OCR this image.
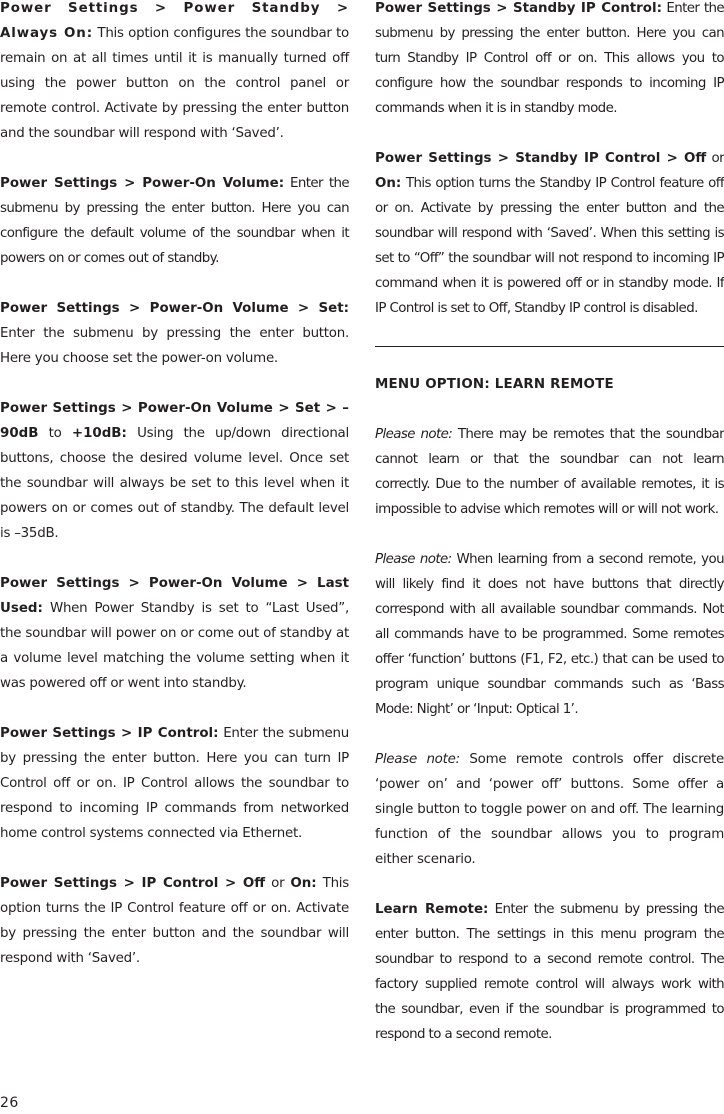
Power Settings > Power Standby > Always On: This option configures the soundbar to remain on at all times until it is manually turned off using the power button on the control panel or remote control. Activate by pressing the enter button and the soundbar will respond with ‘Saved’.

Power Settings > Power-On Volume: Enter the submenu by pressing the enter button. Here you can configure the default volume of the soundbar when it powers on or comes out of standby.

Power Settings > Power-On Volume > Set: Enter the submenu by pressing the enter button. Here you choose set the power-on volume.

Power Settings > Power-On Volume > Set > –90dB to +10dB: Using the up/down directional buttons, choose the desired volume level. Once set the soundbar will always be set to this level when it powers on or comes out of standby. The default level is –35dB.

Power Settings > Power-On Volume > Last Used: When Power Standby is set to “Last Used”, the soundbar will power on or come out of standby at a volume level matching the volume setting when it was powered off or went into standby.

Power Settings > IP Control: Enter the submenu by pressing the enter button. Here you can turn IP Control off or on. IP Control allows the soundbar to respond to incoming IP commands from networked home control systems connected via Ethernet.

Power Settings > IP Control > Off or On: This option turns the IP Control feature off or on. Activate by pressing the enter button and the soundbar will respond with ‘Saved’.

Power Settings > Standby IP Control: Enter the submenu by pressing the enter button. Here you can turn Standby IP Control off or on. This allows you to configure how the soundbar responds to incoming IP commands when it is in standby mode.

Power Settings > Standby IP Control > Off or On: This option turns the Standby IP Control feature off or on. Activate by pressing the enter button and the soundbar will respond with ‘Saved’. When this setting is set to “Off” the soundbar will not respond to incoming IP command when it is powered off or in standby mode. If IP Control is set to Off, Standby IP control is disabled.

MENU OPTION: LEARN REMOTE

Please note: There may be remotes that the soundbar cannot learn or that the soundbar can not learn correctly. Due to the number of available remotes, it is impossible to advise which remotes will or will not work.

Please note: When learning from a second remote, you will likely find it does not have buttons that directly correspond with all available soundbar commands. Not all commands have to be programmed. Some remotes offer ‘function’ buttons (F1, F2, etc.) that can be used to program unique soundbar commands such as ‘Bass Mode: Night’ or ‘Input: Optical 1’.

Please note: Some remote controls offer discrete ‘power on’ and ‘power off’ buttons. Some offer a single button to toggle power on and off. The learning function of the soundbar allows you to program either scenario.

Learn Remote: Enter the submenu by pressing the enter button. The settings in this menu program the soundbar to respond to a second remote control. The factory supplied remote control will always work with the soundbar, even if the soundbar is programmed to respond to a second remote.

26
